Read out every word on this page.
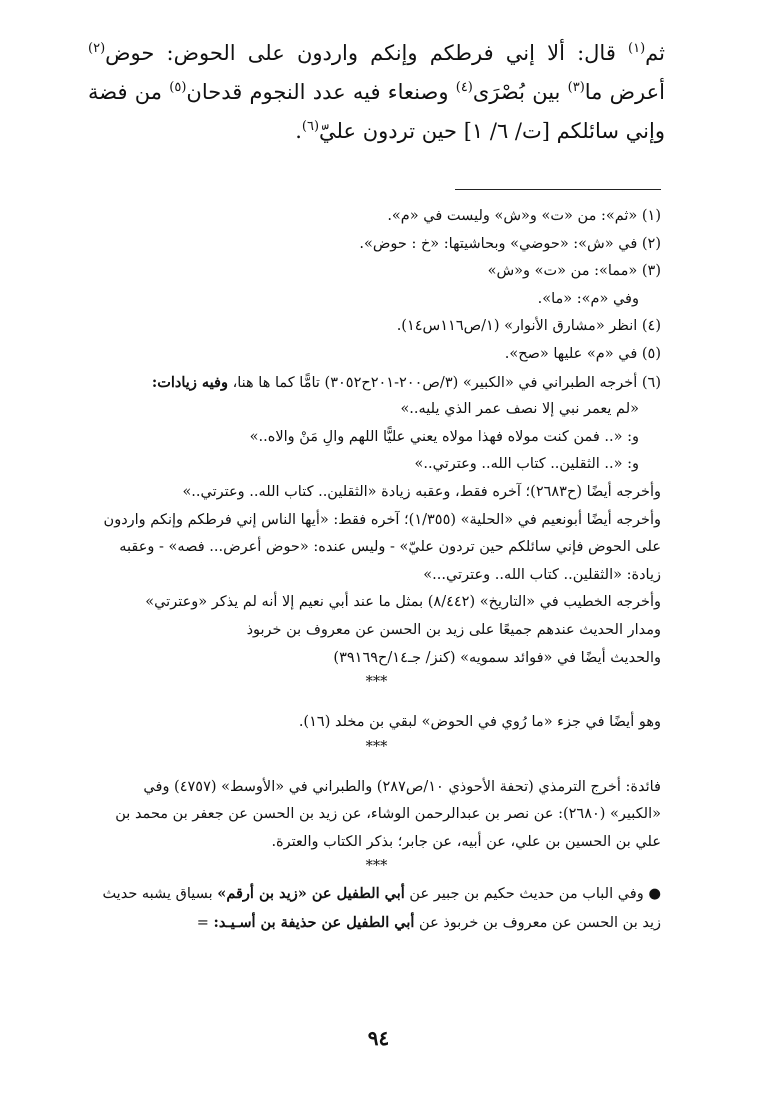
ثم$^{(١)}$ قال: ألا إني فرطكم وإنكم واردون على الحوض: حوض$^{(٢)}$ أعرض ما$^{(٣)}$ بين بُصْرَى$^{(٤)}$ وصنعاء فيه عدد النجوم قدحان$^{(٥)}$ من فضة وإني سائلكم [ت/ ٦/ ١] حين تردون عليّ$^{(٦)}$.
(١) «ثم»: من «ت» و«ش» وليست في «م».
(٢) في «ش»: «حوضي» وبحاشيتها: «خ : حوض».
(٣) «مما»: من «ت» و«ش»
وفي «م»: «ما».
(٤) انظر «مشارق الأنوار» (١/ص١١٦س١٤).
(٥) في «م» عليها «صح».
(٦) أخرجه الطبراني في «الكبير» (٣/ص٢٠٠-٢٠١ح٣٠٥٢) تامًّا كما ها هنا، وفيه زيادات:
«لم يعمر نبي إلا نصف عمر الذي يليه..»
و: «.. فمن كنت مولاه فهذا مولاه يعني عليًّا اللهم والِ مَنْ والاه..»
و: «.. الثقلين.. كتاب الله.. وعترتي..»
وأخرجه أيضًا (ح٢٦٨٣)؛ آخره فقط، وعقبه زيادة «الثقلين.. كتاب الله.. وعترتي..»
وأخرجه أيضًا أبونعيم في «الحلية» (١/٣٥٥)؛ آخره فقط: «أيها الناس إني فرطكم وإنكم واردون على الحوض فإني سائلكم حين تردون عليّ» - وليس عنده: «حوض أعرض... فصه» - وعقبه زيادة: «الثقلين.. كتاب الله.. وعترتي...»
وأخرجه الخطيب في «التاريخ» (٨/٤٤٢) بمثل ما عند أبي نعيم إلا أنه لم يذكر «وعترتي»
ومدار الحديث عندهم جميعًا على زيد بن الحسن عن معروف بن خربوذ
والحديث أيضًا في «فوائد سمويه» (كنز/ جـ١٤/ح٣٩١٦٩)
***
وهو أيضًا في جزء «ما رُوي في الحوض» لبقي بن مخلد (١٦).
***
فائدة: أخرج الترمذي (تحفة الأحوذي ١٠/ص٢٨٧) والطبراني في «الأوسط» (٤٧٥٧) وفي «الكبير» (٢٦٨٠): عن نصر بن عبدالرحمن الوشاء، عن زيد بن الحسن عن جعفر بن محمد بن علي بن الحسين بن علي، عن أبيه، عن جابر؛ بذكر الكتاب والعترة.
***
● وفي الباب من حديث حكيم بن جبير عن أبي الطفيل عن «زيد بن أرقم» بسياق يشبه حديث زيد بن الحسن عن معروف بن خربوذ عن أبي الطفيل عن حذيفة بن أسـيـد: =
٩٤
